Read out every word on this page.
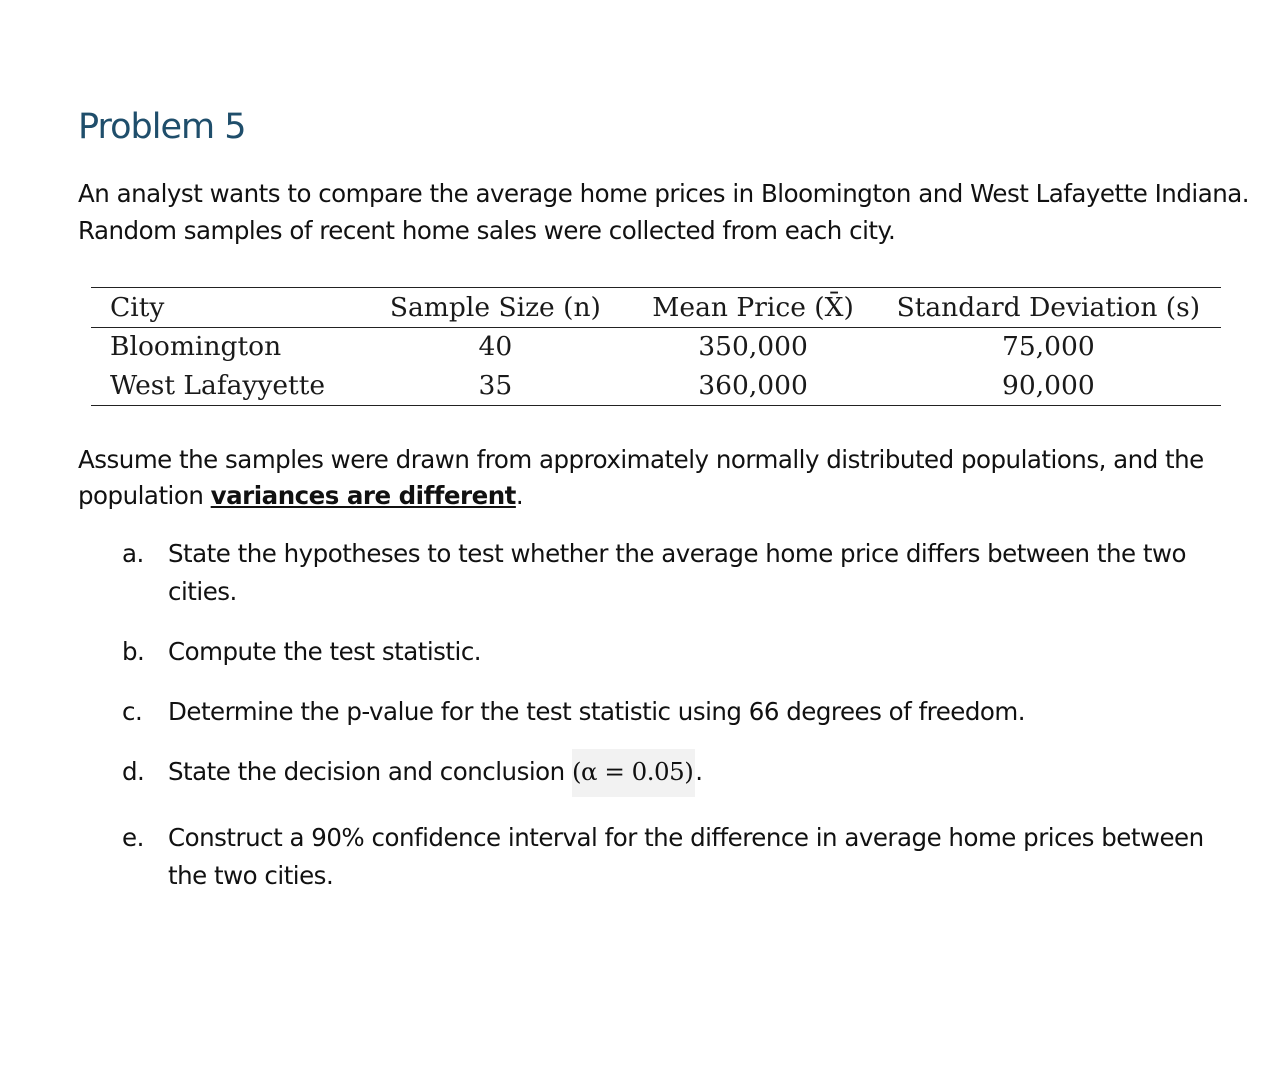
Problem 5
An analyst wants to compare the average home prices in Bloomington and West Lafayette Indiana. Random samples of recent home sales were collected from each city.
City	Sample Size (n)	Mean Price (X̄)	Standard Deviation (s)
Bloomington	40	350,000	75,000
West Lafayyette	35	360,000	90,000
Assume the samples were drawn from approximately normally distributed populations, and the population variances are different.
a. State the hypotheses to test whether the average home price differs between the two cities.
b. Compute the test statistic.
c. Determine the p-value for the test statistic using 66 degrees of freedom.
d. State the decision and conclusion (α = 0.05).
e. Construct a 90% confidence interval for the difference in average home prices between the two cities.
